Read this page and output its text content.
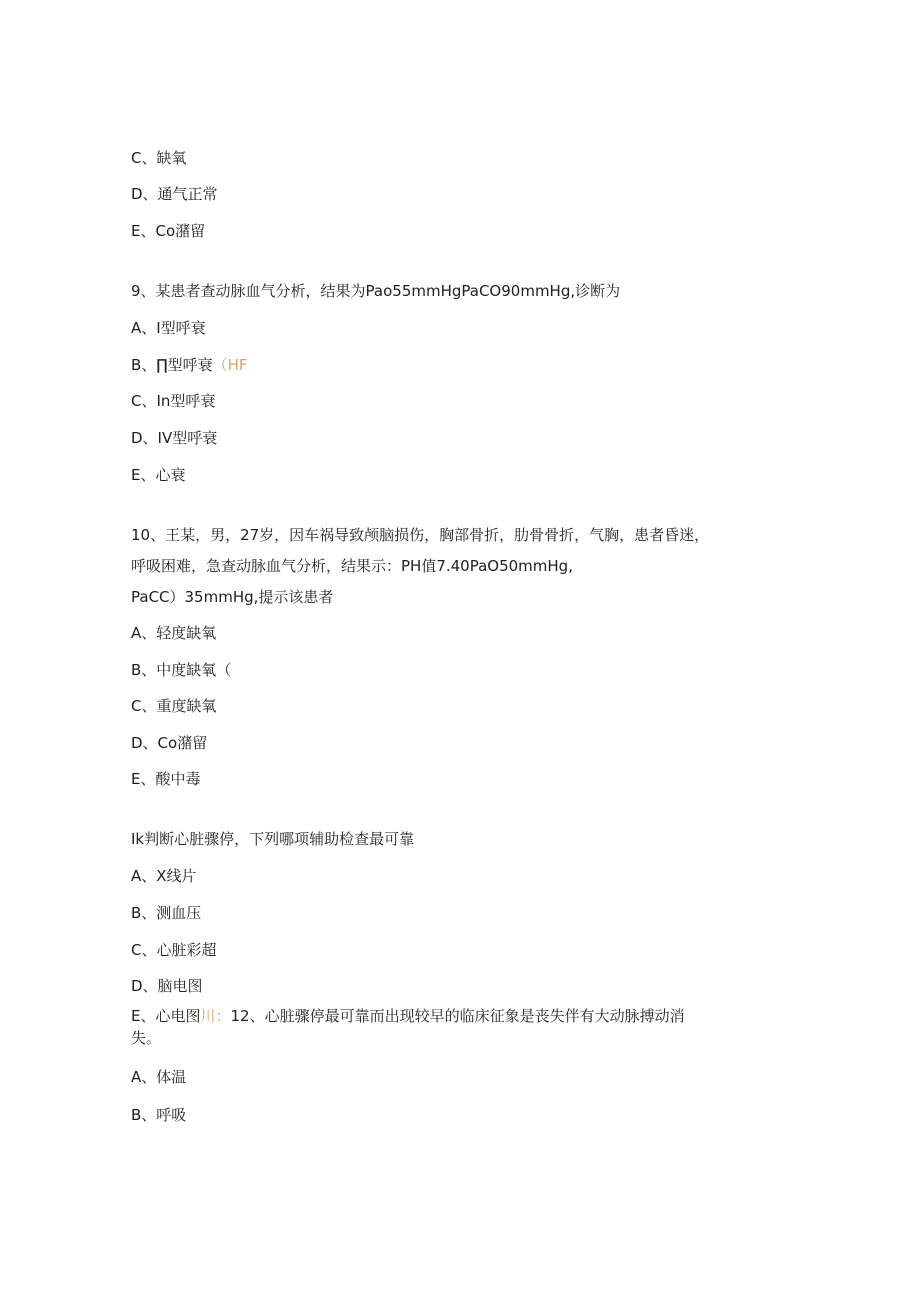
C、缺氧
D、通气正常
E、Co潴留
9、某患者查动脉血气分析，结果为Pao55mmHgPaCO90mmHg,诊断为
A、I型呼衰
B、∏型呼衰（HF
C、In型呼衰
D、IV型呼衰
E、心衰
10、王某，男，27岁，因车祸导致颅脑损伤，胸部骨折，肋骨骨折，气胸，患者昏迷，
呼吸困难，急查动脉血气分析，结果示：PH值7.40PaO50mmHg,
PaCC）35mmHg,提示该患者
A、轻度缺氧
B、中度缺氧（
C、重度缺氧
D、Co潴留
E、酸中毒
Ik判断心脏骤停，下列哪项辅助检查最可靠
A、X线片
B、测血压
C、心脏彩超
D、脑电图
E、心电图川：12、心脏骤停最可靠而出现较早的临床征象是丧失伴有大动脉搏动消
失。
A、体温
B、呼吸
